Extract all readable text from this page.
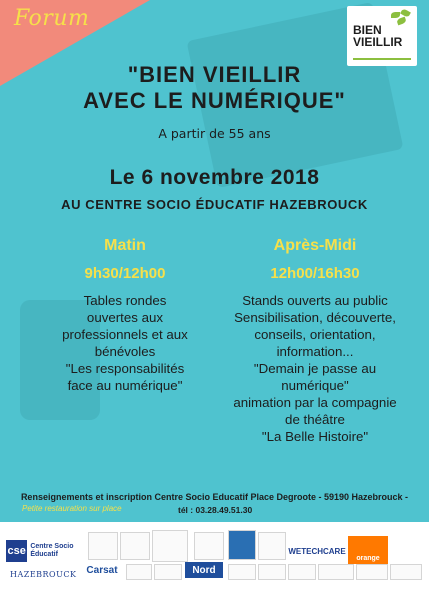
Forum	BIEN
VIEILLIR
"BIEN VIEILLIR
AVEC LE NUMÉRIQUE"
A partir de 55 ans
Le 6 novembre 2018
AU CENTRE SOCIO ÉDUCATIF HAZEBROUCK
Matin
9h30/12h00
Tables rondes
ouvertes aux
professionnels et aux
bénévoles
"Les responsabilités
face au numérique"
Après-Midi
12h00/16h30
Stands ouverts au public
Sensibilisation, découverte,
conseils, orientation,
information...
"Demain je passe au
numérique"
animation par la compagnie
de théâtre
"La Belle Histoire"
Renseignements et inscription Centre Socio Educatif Place Degroote - 59190 Hazebrouck -
Petite restauration sur place	tél : 03.28.49.51.30
cse Centre Socio Éducatif
HAZEBROUCK
WETECHCARE
orange
Carsat	Nord
